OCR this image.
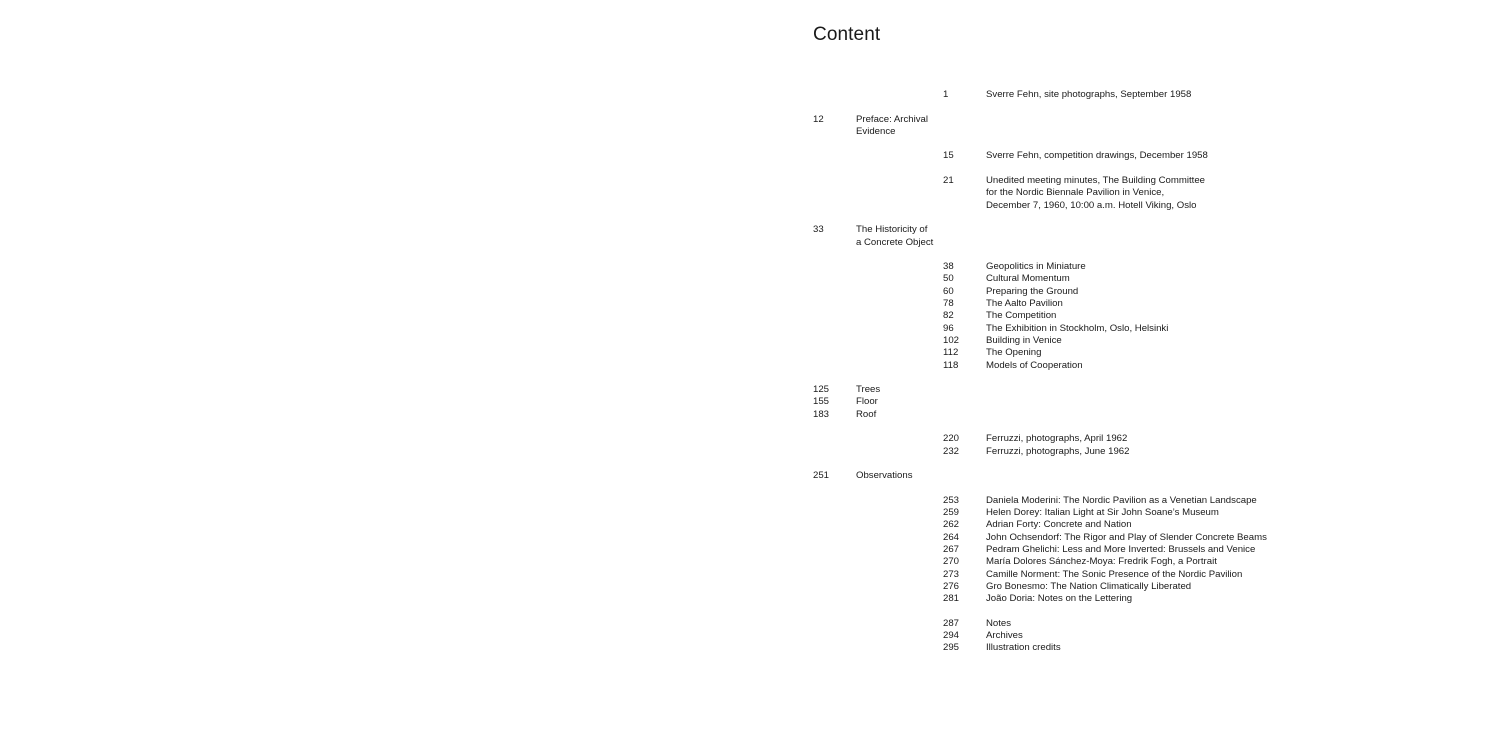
Content
1	Sverre Fehn, site photographs, September 1958
12	Preface: Archival Evidence
15	Sverre Fehn, competition drawings, December 1958
21	Unedited meeting minutes, The Building Committee
for the Nordic Biennale Pavilion in Venice,
December 7, 1960, 10:00 a.m. Hotell Viking, Oslo
33	The Historicity of
a Concrete Object
38	Geopolitics in Miniature
50	Cultural Momentum
60	Preparing the Ground
78	The Aalto Pavilion
82	The Competition
96	The Exhibition in Stockholm, Oslo, Helsinki
102	Building in Venice
112	The Opening
118	Models of Cooperation
125	Trees
155	Floor
183	Roof
220	Ferruzzi, photographs, April 1962
232	Ferruzzi, photographs, June 1962
251	Observations
253	Daniela Moderini: The Nordic Pavilion as a Venetian Landscape
259	Helen Dorey: Italian Light at Sir John Soane’s Museum
262	Adrian Forty: Concrete and Nation
264	John Ochsendorf: The Rigor and Play of Slender Concrete Beams
267	Pedram Ghelichi: Less and More Inverted: Brussels and Venice
270	María Dolores Sánchez-Moya: Fredrik Fogh, a Portrait
273	Camille Norment: The Sonic Presence of the Nordic Pavilion
276	Gro Bonesmo: The Nation Climatically Liberated
281	João Doria: Notes on the Lettering
287	Notes
294	Archives
295	Illustration credits
